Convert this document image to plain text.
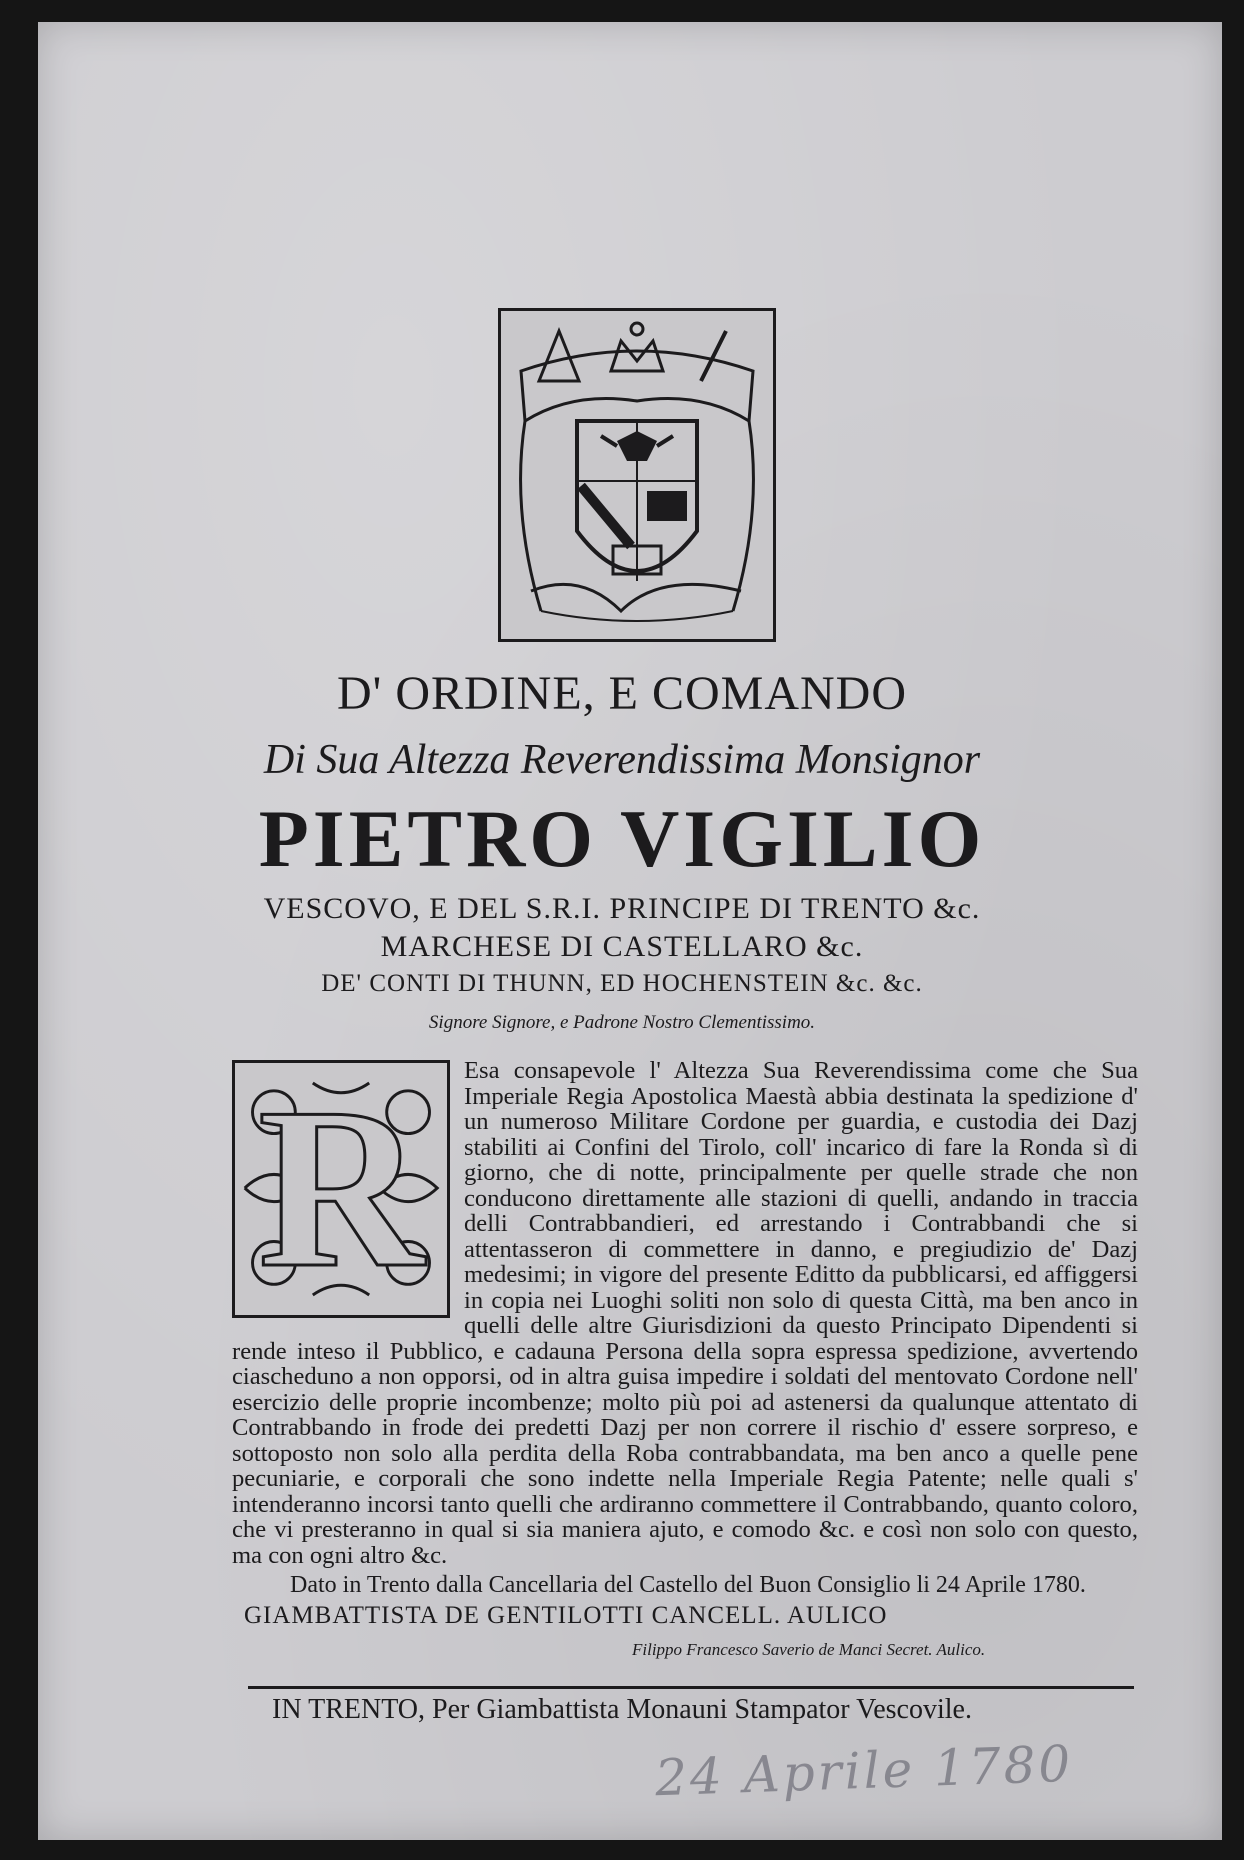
D' ORDINE, E COMANDO
Di Sua Altezza Reverendissima Monsignor
PIETRO VIGILIO
VESCOVO, E DEL S.R.I. PRINCIPE DI TRENTO &c.
MARCHESE DI CASTELLARO &c.
DE' CONTI DI THUNN, ED HOCHENSTEIN &c. &c.
Signore Signore, e Padrone Nostro Clementissimo.
R	Esa consapevole l' Altezza Sua Reverendissima come che Sua Imperiale Regia Apostolica Maestà abbia destinata la spedizione d' un numeroso Militare Cordone per guardia, e custodia dei Dazj stabiliti ai Confini del Tirolo, coll' incarico di fare la Ronda sì di giorno, che di notte, principalmente per quelle strade che non conducono direttamente alle stazioni di quelli, andando in traccia delli Contrabbandieri, ed arrestando i Contrabbandi che si attentasseron di commettere in danno, e pregiudizio de' Dazj medesimi; in vigore del presente Editto da pubblicarsi, ed affiggersi in copia nei Luoghi soliti non solo di questa Città, ma ben anco in quelli delle altre Giurisdizioni da questo Principato Dipendenti si rende inteso il Pubblico, e cadauna Persona della sopra espressa spedizione, avvertendo ciascheduno a non opporsi, od in altra guisa impedire i soldati del mentovato Cordone nell' esercizio delle proprie incombenze; molto più poi ad astenersi da qualunque attentato di Contrabbando in frode dei predetti Dazj per non correre il rischio d' essere sorpreso, e sottoposto non solo alla perdita della Roba contrabbandata, ma ben anco a quelle pene pecuniarie, e corporali che sono indette nella Imperiale Regia Patente; nelle quali s' intenderanno incorsi tanto quelli che ardiranno commettere il Contrabbando, quanto coloro, che vi presteranno in qual si sia maniera ajuto, e comodo &c. e così non solo con questo, ma con ogni altro &c.
Dato in Trento dalla Cancellaria del Castello del Buon Consiglio li 24 Aprile 1780.
GIAMBATTISTA DE GENTILOTTI CANCELL. AULICO
Filippo Francesco Saverio de Manci Secret. Aulico.
IN TRENTO, Per Giambattista Monauni Stampator Vescovile.
24 Aprile 1780
